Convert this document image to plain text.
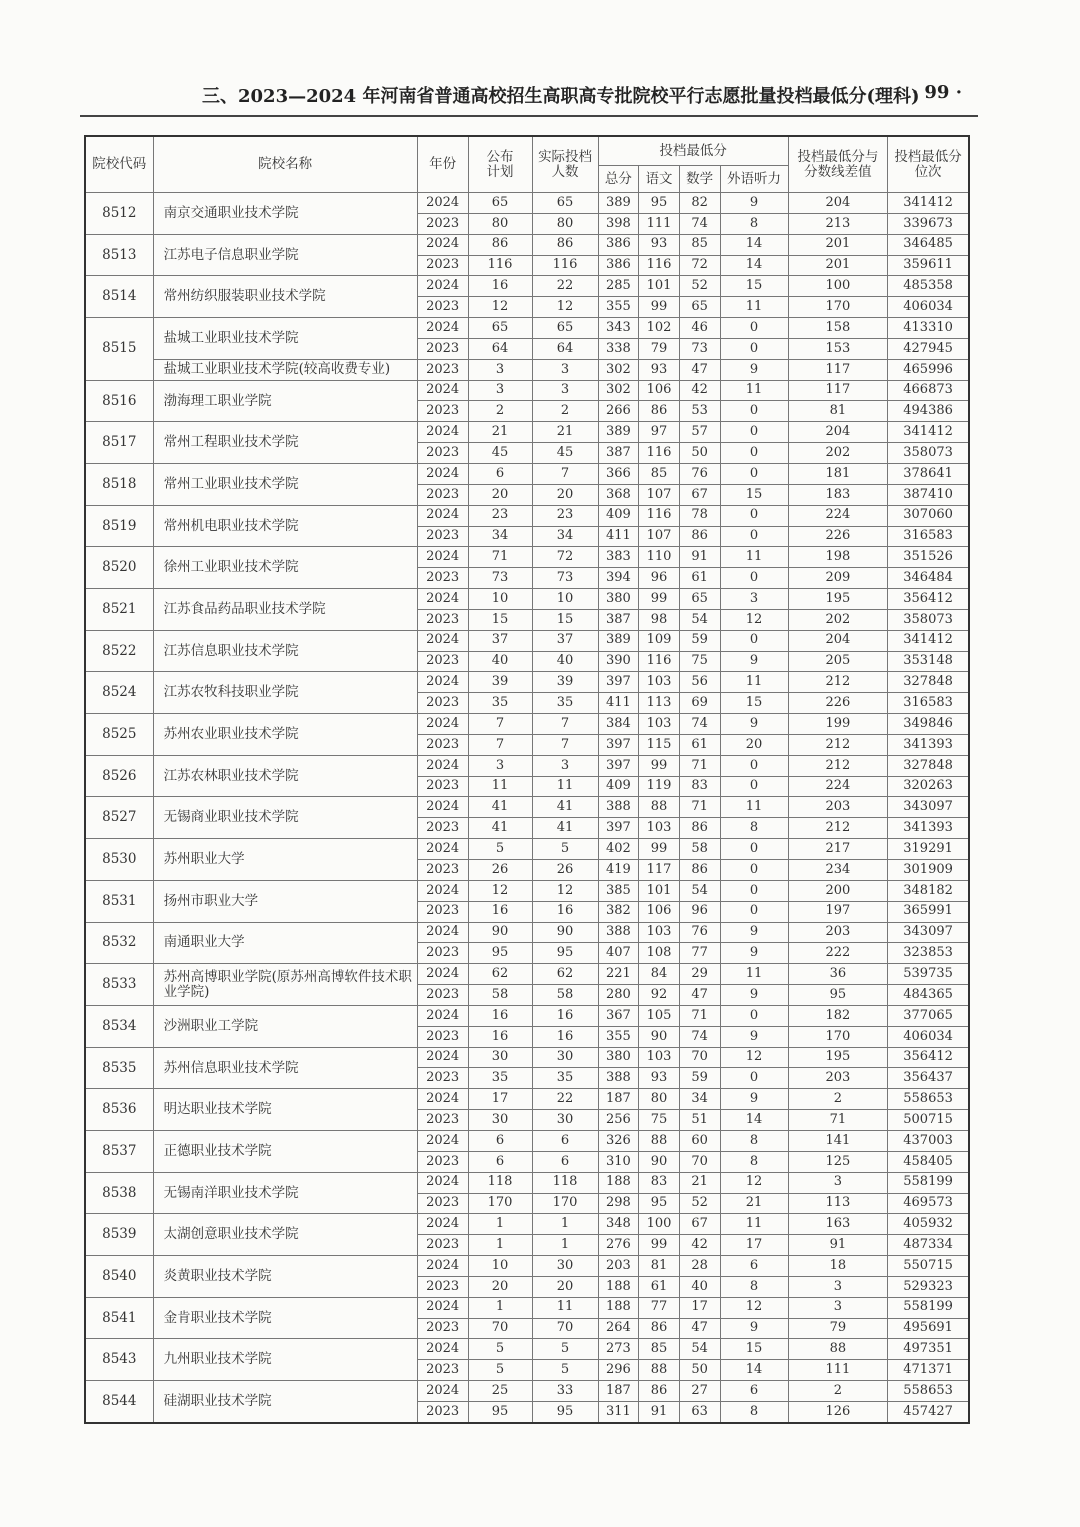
三、2023—2024 年河南省普通高校招生高职高专批院校平行志愿批量投档最低分(理科)
· 99 ·
院校代码	院校名称	年份	公布计划	实际投档人数	投档最低分				投档最低分与分数线差值	投档最低分位次
					总分	语文	数学	外语听力		
8512	南京交通职业技术学院	2024	65	65	389	95	82	9	204	341412
		2023	80	80	398	111	74	8	213	339673
8513	江苏电子信息职业学院	2024	86	86	386	93	85	14	201	346485
		2023	116	116	386	116	72	14	201	359611
8514	常州纺织服装职业技术学院	2024	16	22	285	101	52	15	100	485358
		2023	12	12	355	99	65	11	170	406034
8515	盐城工业职业技术学院	2024	65	65	343	102	46	0	158	413310
		2023	64	64	338	79	73	0	153	427945
	盐城工业职业技术学院(较高收费专业)	2023	3	3	302	93	47	9	117	465996
8516	渤海理工职业学院	2024	3	3	302	106	42	11	117	466873
		2023	2	2	266	86	53	0	81	494386
8517	常州工程职业技术学院	2024	21	21	389	97	57	0	204	341412
		2023	45	45	387	116	50	0	202	358073
8518	常州工业职业技术学院	2024	6	7	366	85	76	0	181	378641
		2023	20	20	368	107	67	15	183	387410
8519	常州机电职业技术学院	2024	23	23	409	116	78	0	224	307060
		2023	34	34	411	107	86	0	226	316583
8520	徐州工业职业技术学院	2024	71	72	383	110	91	11	198	351526
		2023	73	73	394	96	61	0	209	346484
8521	江苏食品药品职业技术学院	2024	10	10	380	99	65	3	195	356412
		2023	15	15	387	98	54	12	202	358073
8522	江苏信息职业技术学院	2024	37	37	389	109	59	0	204	341412
		2023	40	40	390	116	75	9	205	353148
8524	江苏农牧科技职业学院	2024	39	39	397	103	56	11	212	327848
		2023	35	35	411	113	69	15	226	316583
8525	苏州农业职业技术学院	2024	7	7	384	103	74	9	199	349846
		2023	7	7	397	115	61	20	212	341393
8526	江苏农林职业技术学院	2024	3	3	397	99	71	0	212	327848
		2023	11	11	409	119	83	0	224	320263
8527	无锡商业职业技术学院	2024	41	41	388	88	71	11	203	343097
		2023	41	41	397	103	86	8	212	341393
8530	苏州职业大学	2024	5	5	402	99	58	0	217	319291
		2023	26	26	419	117	86	0	234	301909
8531	扬州市职业大学	2024	12	12	385	101	54	0	200	348182
		2023	16	16	382	106	96	0	197	365991
8532	南通职业大学	2024	90	90	388	103	76	9	203	343097
		2023	95	95	407	108	77	9	222	323853
8533	苏州高博职业学院(原苏州高博软件技术职业学院)	2024	62	62	221	84	29	11	36	539735
		2023	58	58	280	92	47	9	95	484365
8534	沙洲职业工学院	2024	16	16	367	105	71	0	182	377065
		2023	16	16	355	90	74	9	170	406034
8535	苏州信息职业技术学院	2024	30	30	380	103	70	12	195	356412
		2023	35	35	388	93	59	0	203	356437
8536	明达职业技术学院	2024	17	22	187	80	34	9	2	558653
		2023	30	30	256	75	51	14	71	500715
8537	正德职业技术学院	2024	6	6	326	88	60	8	141	437003
		2023	6	6	310	90	70	8	125	458405
8538	无锡南洋职业技术学院	2024	118	118	188	83	21	12	3	558199
		2023	170	170	298	95	52	21	113	469573
8539	太湖创意职业技术学院	2024	1	1	348	100	67	11	163	405932
		2023	1	1	276	99	42	17	91	487334
8540	炎黄职业技术学院	2024	10	30	203	81	28	6	18	550715
		2023	20	20	188	61	40	8	3	529323
8541	金肯职业技术学院	2024	1	11	188	77	17	12	3	558199
		2023	70	70	264	86	47	9	79	495691
8543	九州职业技术学院	2024	5	5	273	85	54	15	88	497351
		2023	5	5	296	88	50	14	111	471371
8544	硅湖职业技术学院	2024	25	33	187	86	27	6	2	558653
		2023	95	95	311	91	63	8	126	457427
